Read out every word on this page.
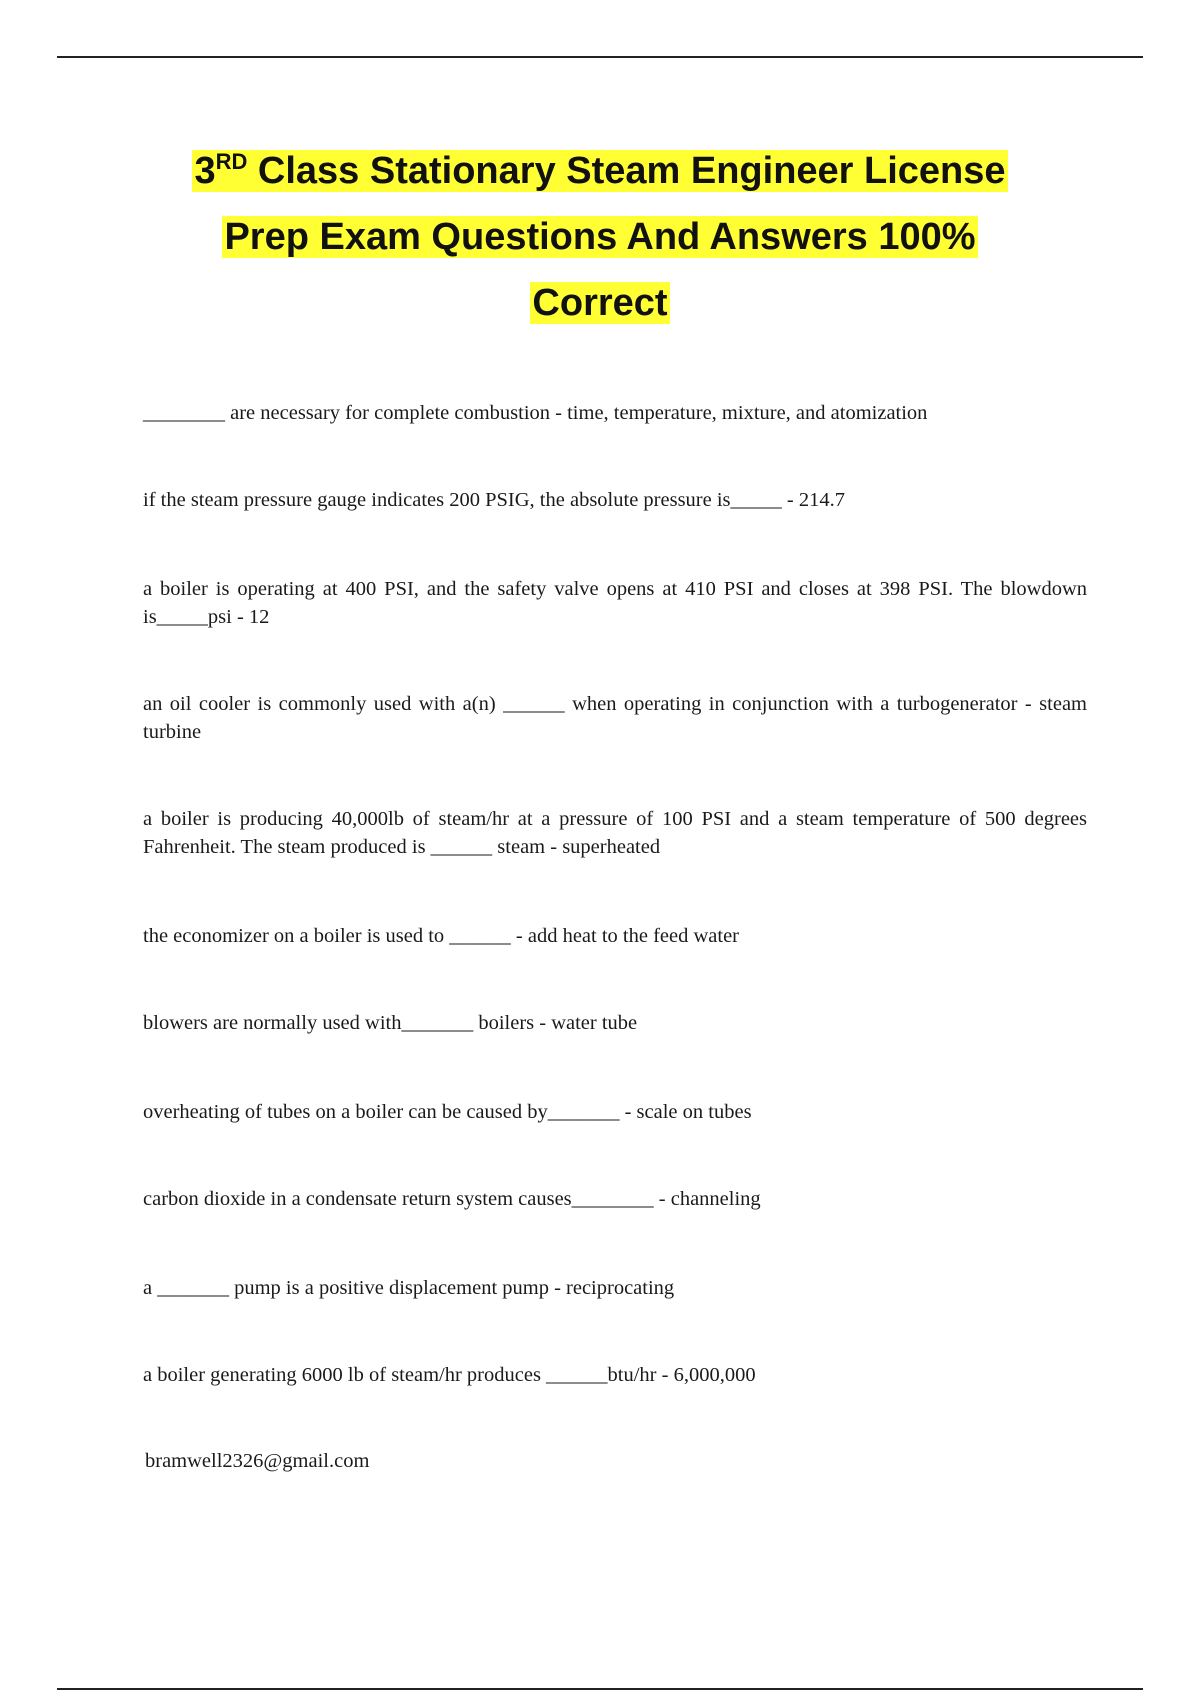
3RD Class Stationary Steam Engineer License
Prep Exam Questions And Answers 100%
Correct

________ are necessary for complete combustion - time, temperature, mixture, and atomization

if the steam pressure gauge indicates 200 PSIG, the absolute pressure is_____ - 214.7

a boiler is operating at 400 PSI, and the safety valve opens at 410 PSI and closes at 398 PSI. The blowdown is_____psi - 12

an oil cooler is commonly used with a(n) ______ when operating in conjunction with a turbogenerator - steam turbine

a boiler is producing 40,000lb of steam/hr at a pressure of 100 PSI and a steam temperature of 500 degrees Fahrenheit. The steam produced is ______ steam - superheated

the economizer on a boiler is used to ______ - add heat to the feed water

blowers are normally used with_______ boilers - water tube

overheating of tubes on a boiler can be caused by_______ - scale on tubes

carbon dioxide in a condensate return system causes________ - channeling

a _______ pump is a positive displacement pump - reciprocating

a boiler generating 6000 lb of steam/hr produces ______btu/hr - 6,000,000

bramwell2326@gmail.com
